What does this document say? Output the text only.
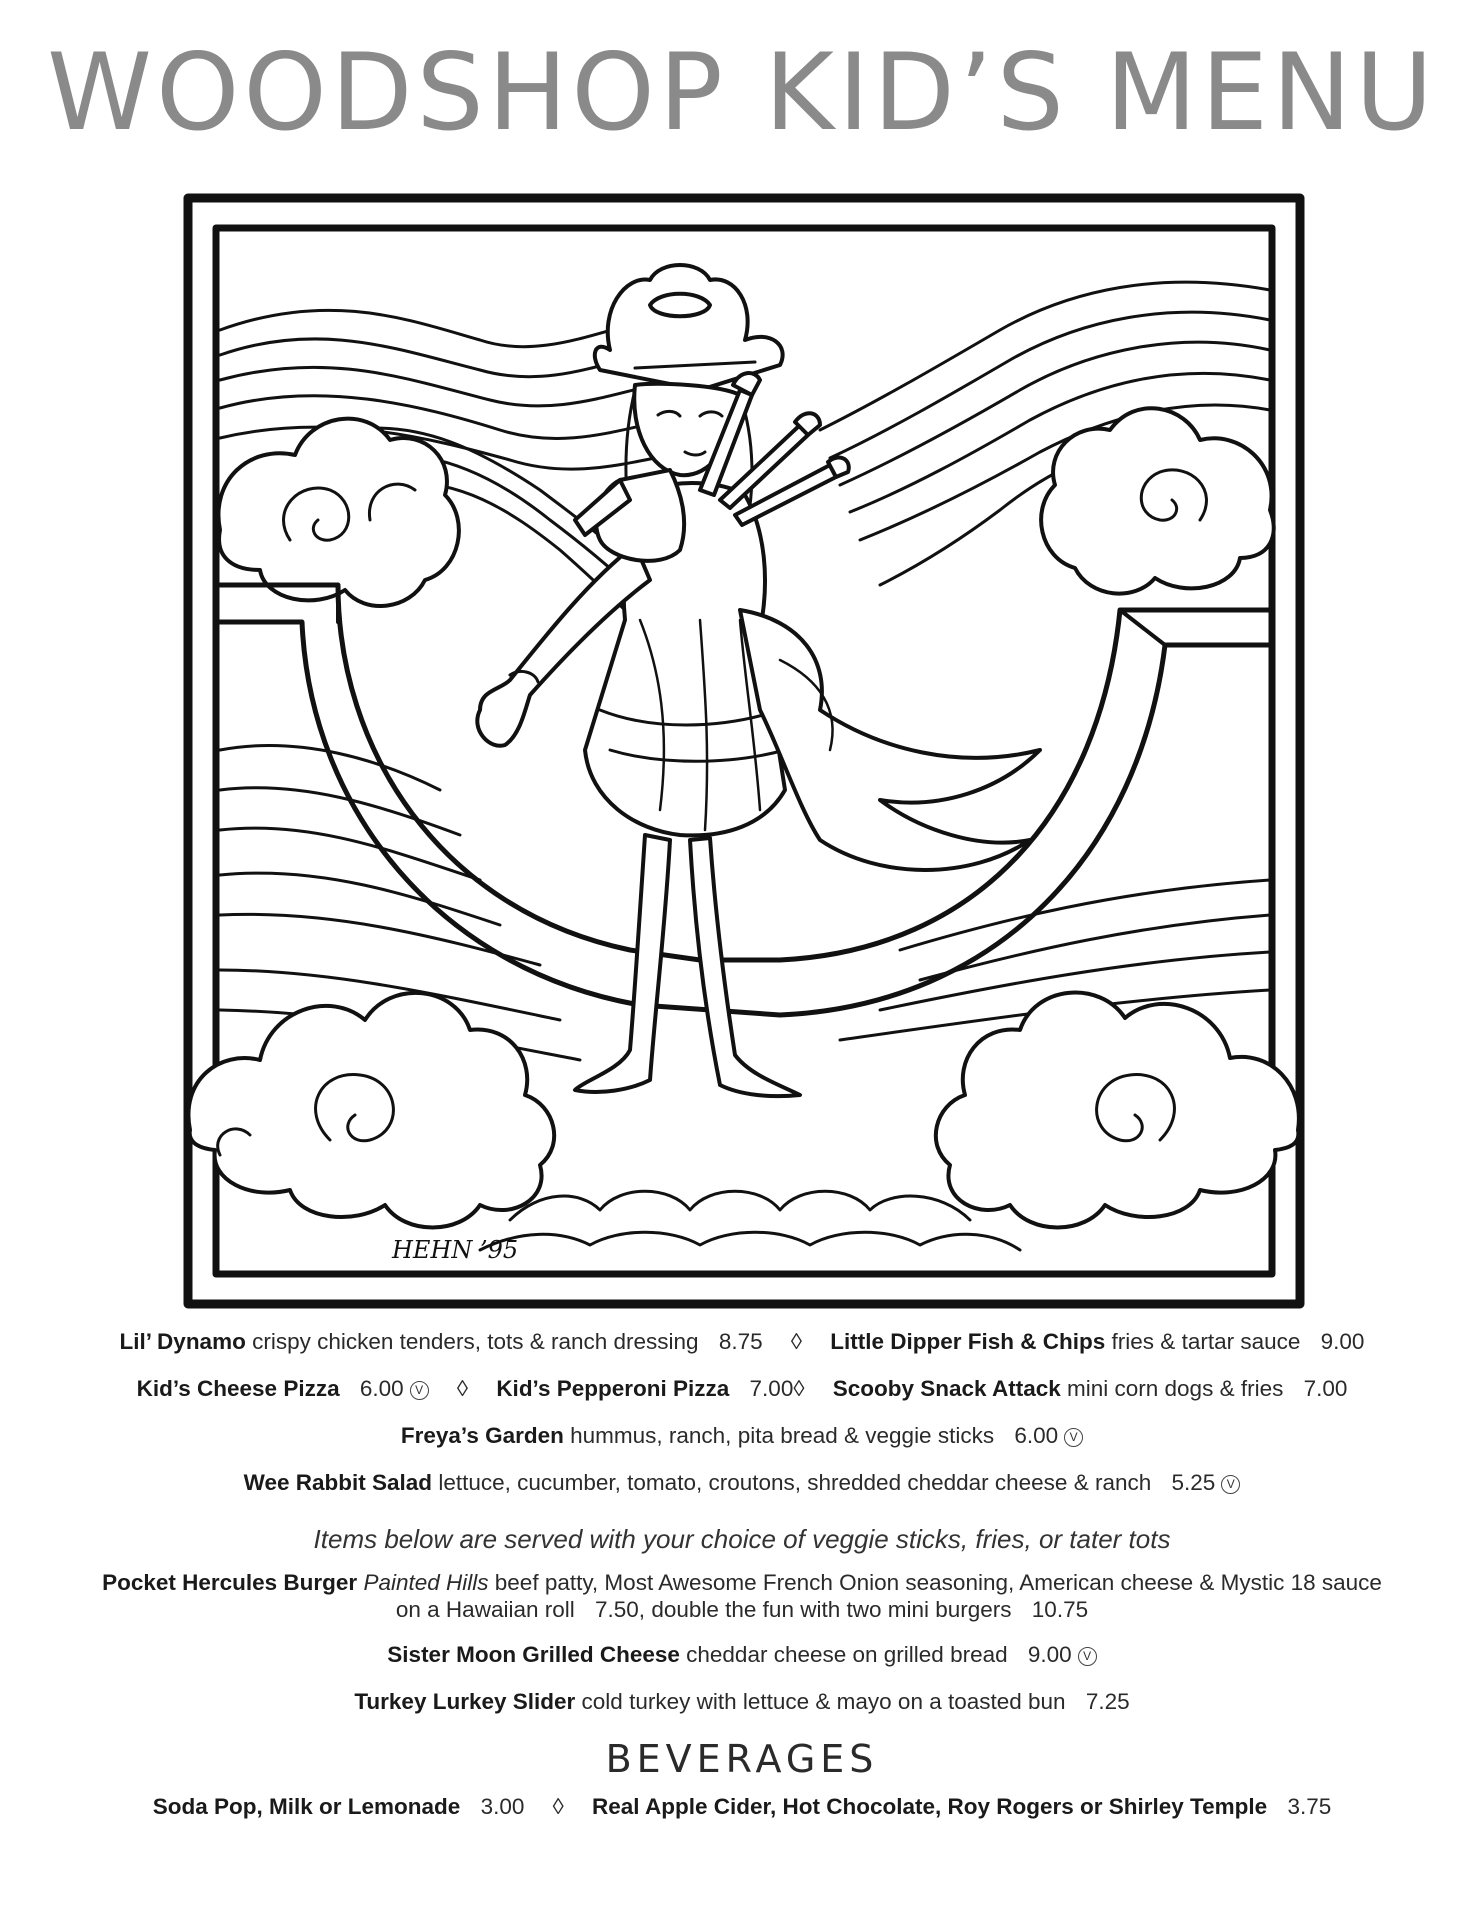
WOODSHOP KID’S MENU
HEHN ’95
Lil’ Dynamo crispy chicken tenders, tots & ranch dressing 8.75 ◊ Little Dipper Fish & Chips fries & tartar sauce 9.00
Kid’s Cheese Pizza 6.00 V ◊ Kid’s Pepperoni Pizza 7.00◊ Scooby Snack Attack mini corn dogs & fries 7.00
Freya’s Garden hummus, ranch, pita bread & veggie sticks 6.00 V
Wee Rabbit Salad lettuce, cucumber, tomato, croutons, shredded cheddar cheese & ranch 5.25 V
Items below are served with your choice of veggie sticks, fries, or tater tots
Pocket Hercules Burger Painted Hills beef patty, Most Awesome French Onion seasoning, American cheese & Mystic 18 sauce
on a Hawaiian roll 7.50, double the fun with two mini burgers 10.75
Sister Moon Grilled Cheese cheddar cheese on grilled bread 9.00 V
Turkey Lurkey Slider cold turkey with lettuce & mayo on a toasted bun 7.25
BEVERAGES
Soda Pop, Milk or Lemonade 3.00 ◊ Real Apple Cider, Hot Chocolate, Roy Rogers or Shirley Temple 3.75
